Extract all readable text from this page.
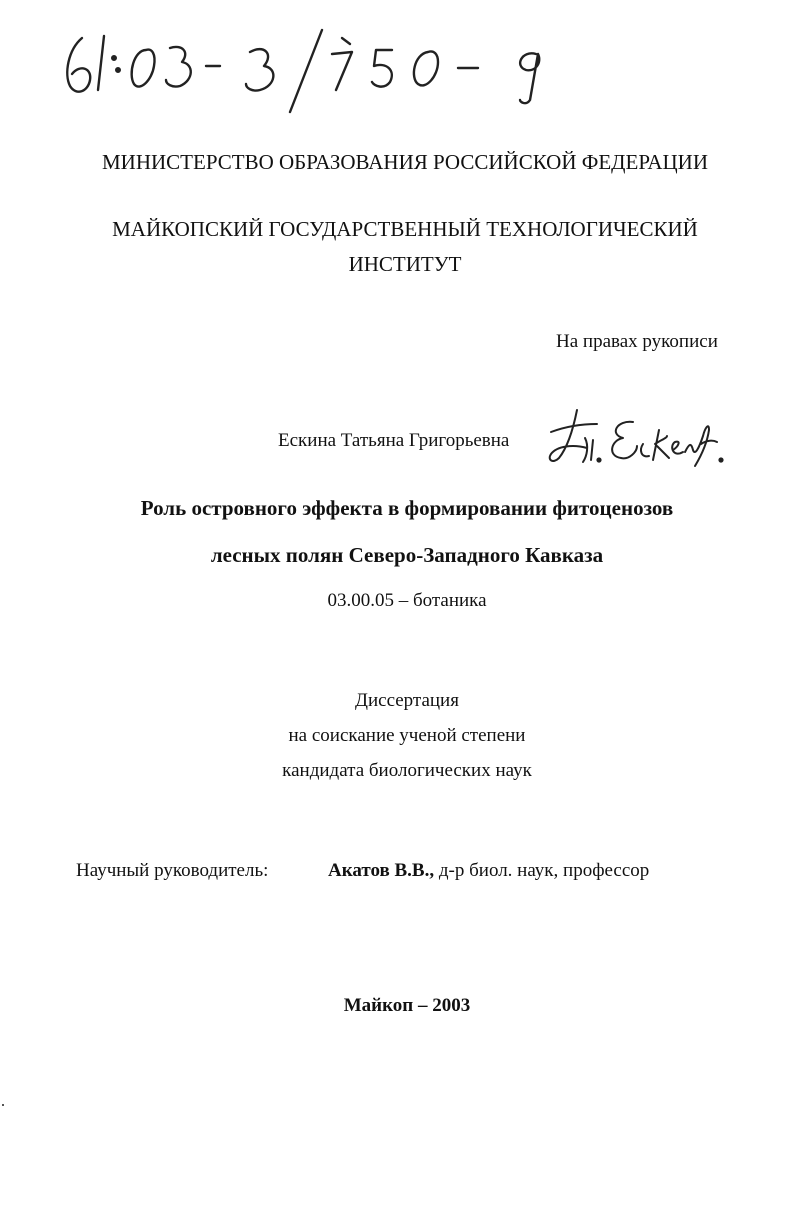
МИНИСТЕРСТВО ОБРАЗОВАНИЯ РОССИЙСКОЙ ФЕДЕРАЦИИ
МАЙКОПСКИЙ ГОСУДАРСТВЕННЫЙ ТЕХНОЛОГИЧЕСКИЙ
ИНСТИТУТ
На правах рукописи
Ескина Татьяна Григорьевна
Роль островного эффекта в формировании фитоценозов
лесных полян Северо-Западного Кавказа
03.00.05 – ботаника
Диссертация
на соискание ученой степени
кандидата биологических наук
Научный руководитель:	Акатов В.В., д-р биол. наук, профессор
Майкоп – 2003
